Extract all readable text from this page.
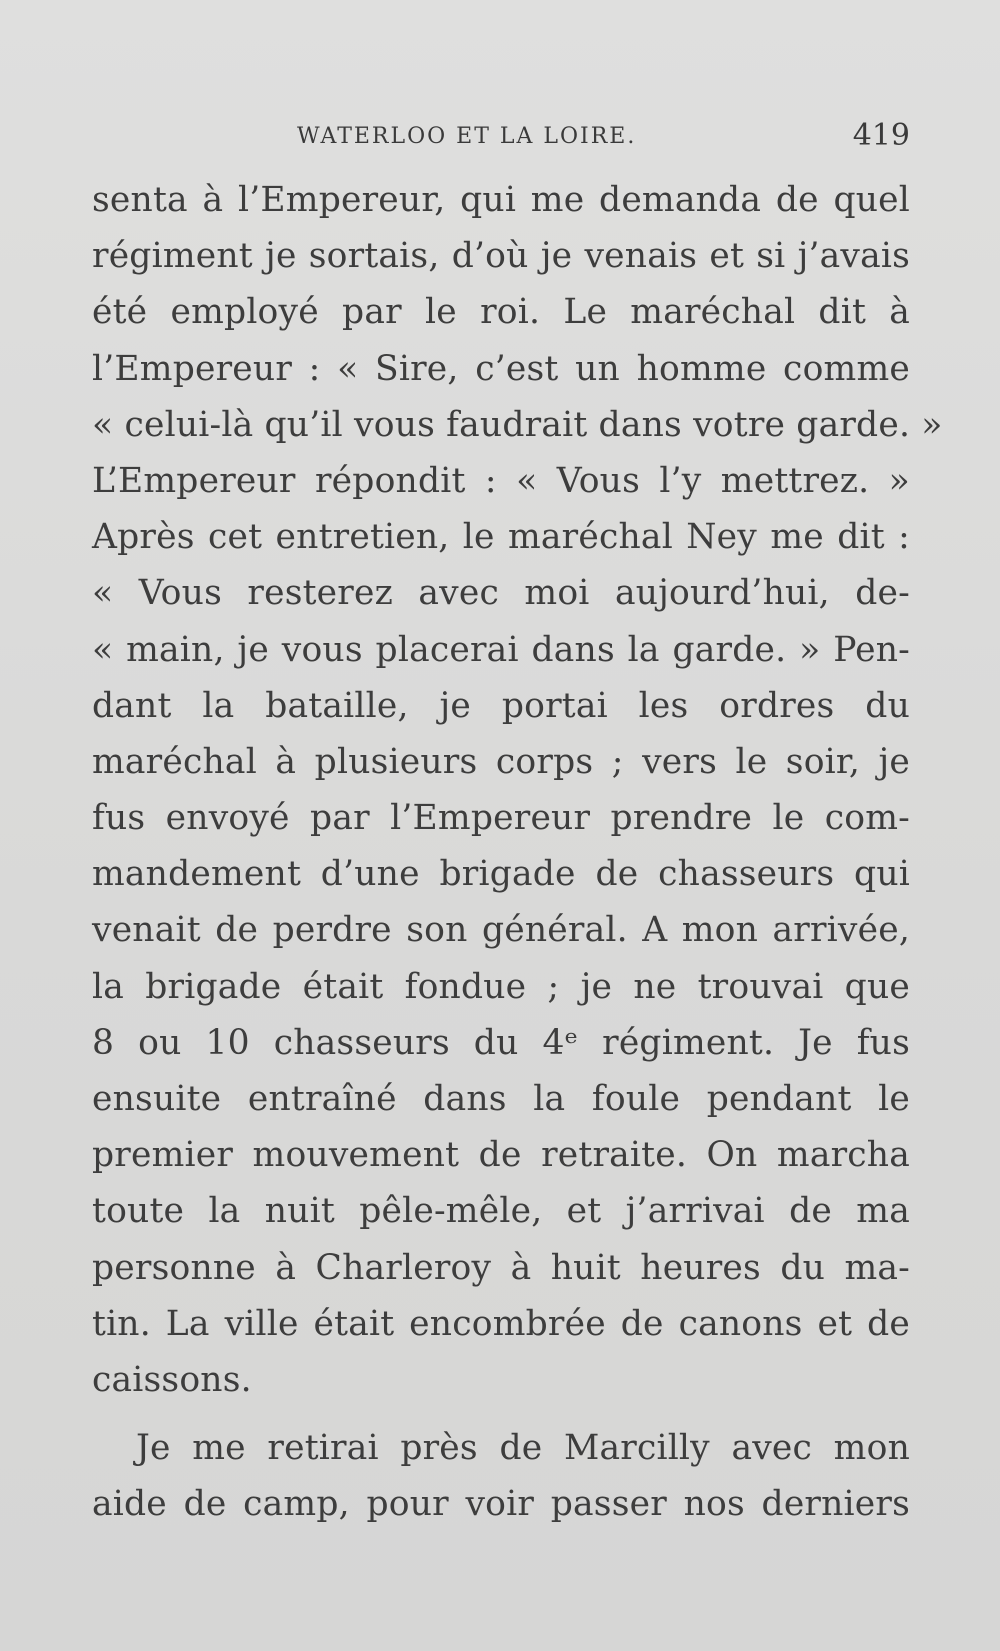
WATERLOO ET LA LOIRE.	419
senta à l’Empereur, qui me demanda de quel
régiment je sortais, d’où je venais et si j’avais
été employé par le roi. Le maréchal dit à
l’Empereur : « Sire, c’est un homme comme
« celui-là qu’il vous faudrait dans votre garde. »
L’Empereur répondit : « Vous l’y mettrez. »
Après cet entretien, le maréchal Ney me dit :
« Vous resterez avec moi aujourd’hui, de-
« main, je vous placerai dans la garde. » Pen-
dant la bataille, je portai les ordres du
maréchal à plusieurs corps ; vers le soir, je
fus envoyé par l’Empereur prendre le com-
mandement d’une brigade de chasseurs qui
venait de perdre son général. A mon arrivée,
la brigade était fondue ; je ne trouvai que
8 ou 10 chasseurs du 4ᵉ régiment. Je fus
ensuite entraîné dans la foule pendant le
premier mouvement de retraite. On marcha
toute la nuit pêle-mêle, et j’arrivai de ma
personne à Charleroy à huit heures du ma-
tin. La ville était encombrée de canons et de
caissons.
Je me retirai près de Marcilly avec mon
aide de camp, pour voir passer nos derniers
